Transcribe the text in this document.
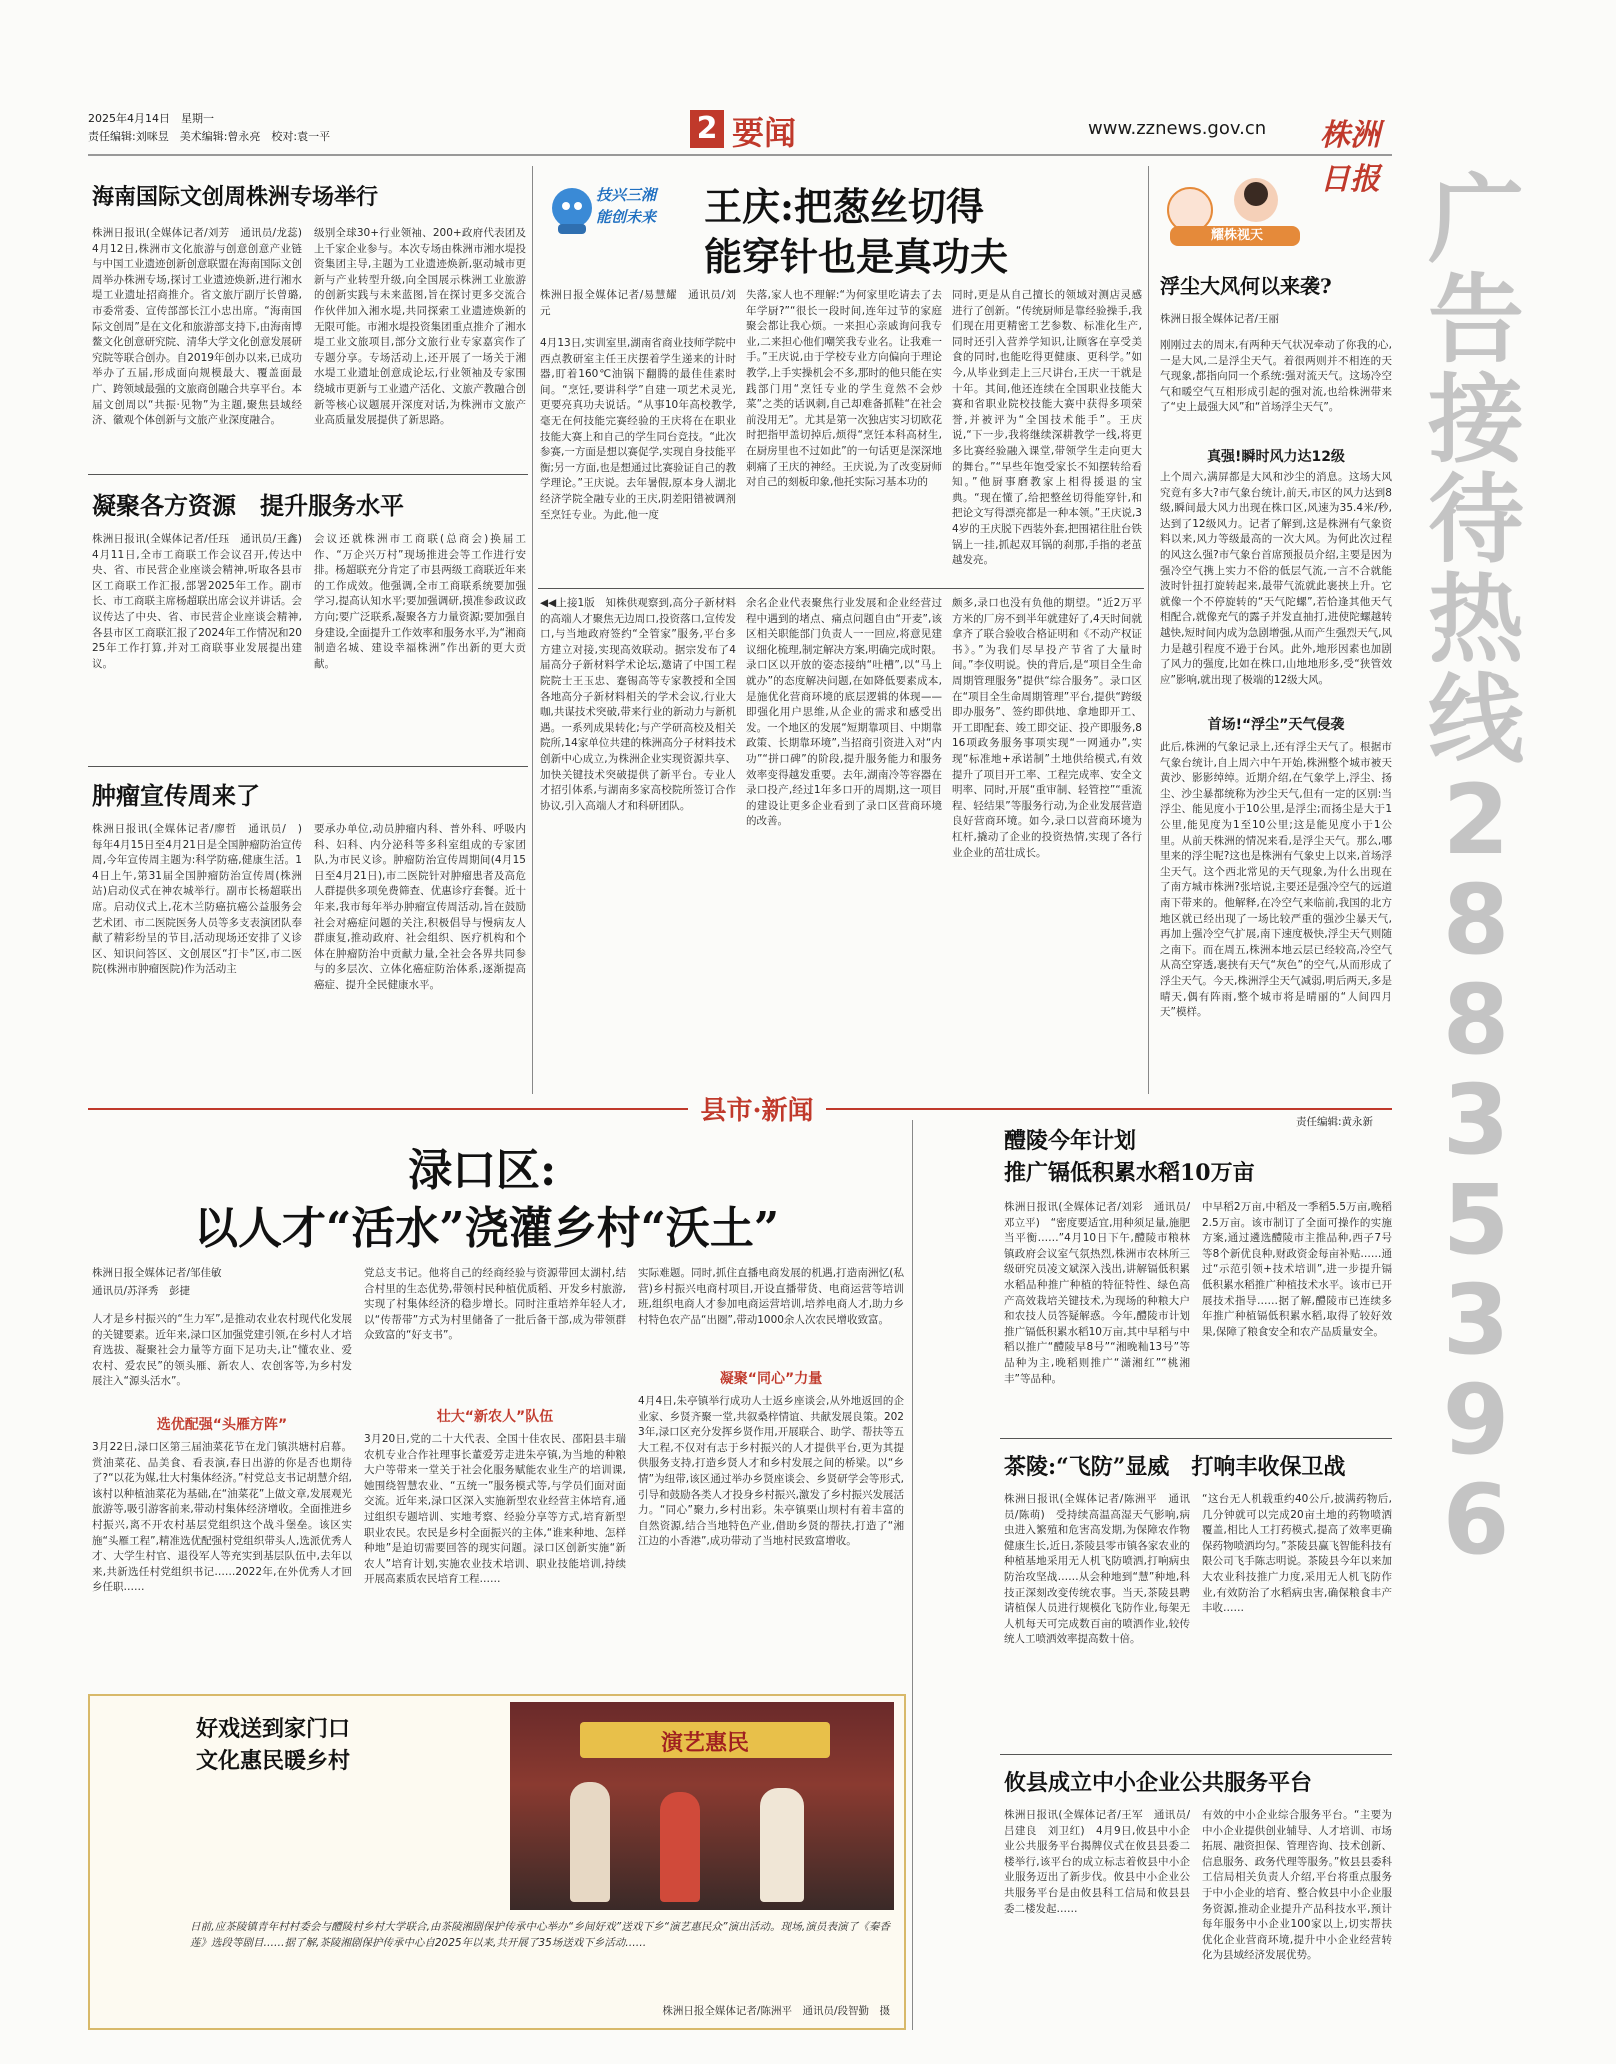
2025年4月14日　星期一
责任编辑:刘咪昱　美术编辑:曾永亮　校对:袁一平	2 要闻	www.zznews.gov.cn 株洲日报
海南国际文创周株洲专场举行
株洲日报讯(全媒体记者/刘芳　通讯员/龙蕊)　4月12日,株洲市文化旅游与创意创意产业链与中国工业遗迹创新创意联盟在海南国际文创周举办株洲专场,探讨工业遗迹焕新,进行湘水堤工业遗址招商推介。省文旅厅副厅长曾璐,市委常委、宣传部部长江小忠出席。“海南国际文创周”是在文化和旅游部支持下,由海南博鳌文化创意研究院、清华大学文化创意发展研究院等联合创办。自2019年创办以来,已成功举办了五届,形成面向规模最大、覆盖面最广、跨领域最强的文旅商创融合共享平台。本届文创周以“共振·见物”为主题,聚焦县域经济、徽观个体创新与文旅产业深度融合。
级别全球30+行业领袖、200+政府代表团及上千家企业参与。本次专场由株洲市湘水堤投资集团主导,主题为工业遗迹焕新,驱动城市更新与产业转型升级,向全国展示株洲工业旅游的创新实践与未来蓝图,旨在探讨更多交流合作伙伴加入湘水堤,共同探索工业遗迹焕新的无限可能。市湘水堤投资集团重点推介了湘水堤工业文旅项目,部分文旅行业专家嘉宾作了专题分享。专场活动上,还开展了一场关于湘水堤工业遗址创意成论坛,行业领袖及专家围绕城市更新与工业遗产活化、文旅产教融合创新等核心议题展开深度对话,为株洲市文旅产业高质量发展提供了新思路。
凝聚各方资源　提升服务水平
株洲日报讯(全媒体记者/任珏　通讯员/王鑫)　4月11日,全市工商联工作会议召开,传达中央、省、市民营企业座谈会精神,听取各县市区工商联工作汇报,部署2025年工作。副市长、市工商联主席杨超联出席会议并讲话。会议传达了中央、省、市民营企业座谈会精神,各县市区工商联汇报了2024年工作情况和2025年工作打算,并对工商联事业发展提出建议。
会议还就株洲市工商联(总商会)换届工作、“万企兴万村”现场推进会等工作进行安排。杨超联充分肯定了市县两级工商联近年来的工作成效。他强调,全市工商联系统要加强学习,提高认知水平;要加强调研,摸准参政议政方向;要广泛联系,凝聚各方力量资源;要加强自身建设,全面提升工作效率和服务水平,为“湘商制造名城、建设幸福株洲”作出新的更大贡献。
肿瘤宣传周来了
株洲日报讯(全媒体记者/廖哲　通讯员/　)　每年4月15日至4月21日是全国肿瘤防治宣传周,今年宣传周主题为:科学防癌,健康生活。14日上午,第31届全国肿瘤防治宣传周(株洲站)启动仪式在神农城举行。副市长杨超联出席。启动仪式上,花木兰防癌抗癌公益服务会艺术团、市二医院医务人员等多支表演团队奉献了精彩纷呈的节目,活动现场还安排了义诊区、知识问答区、文创展区“打卡”区,市二医院(株洲市肿瘤医院)作为活动主
要承办单位,动员肿瘤内科、普外科、呼吸内科、妇科、内分泌科等多科室组成的专家团队,为市民义诊。肿瘤防治宣传周期间(4月15日至4月21日),市二医院针对肿瘤患者及高危人群提供多项免费筛查、优惠诊疗套餐。近十年来,我市每年举办肿瘤宣传周活动,旨在鼓励社会对癌症问题的关注,积极倡导与慢病友人群康复,推动政府、社会组织、医疗机构和个体在肿瘤防治中贡献力量,全社会各界共同参与的多层次、立体化癌症防治体系,逐渐提高癌症、提升全民健康水平。
技兴三湘 能创未来 王庆:把葱丝切得
能穿针也是真功夫
株洲日报全媒体记者/易慧耀　通讯员/刘元
4月13日,实训室里,湖南省商业技师学院中西点教研室主任王庆摆着学生递来的计时器,盯着160℃油锅下翻腾的最佳佳素时间。“烹饪,要讲科学”自建一项艺术灵光,更要亮真功夫说话。“从事10年高校教学,毫无在何技能完赛经验的王庆将在在职业技能大赛上和自己的学生同台竞技。“此次参赛,一方面是想以赛促学,实现自身技能平衡;另一方面,也是想通过比赛验证自己的教学理论。”王庆说。去年暑假,原本身人湖北经济学院全融专业的王庆,阴差阳错被调剂至烹饪专业。为此,他一度
失落,家人也不理解:“为何家里吃请去了去年学厨?”“很长一段时间,连年过节的家庭聚会都让我心烦。一来担心亲戚询问我专业,二来担心他们嘲笑我专业名。让我难一手。”王庆说,由于学校专业方向偏向于理论教学,上手实操机会不多,那时的他只能在实践部门用“烹饪专业的学生竟然不会炒菜”之类的话讽刺,自己却难备抓鞋“在社会前没用无”。尤其是第一次独店实习切欧花时把指甲盖切掉后,烦得“烹饪本科高材生,在厨房里也不过如此”的一句话更是深深地刺痛了王庆的神经。王庆说,为了改变厨师对自己的刻板印象,他托实际习基本功的
同时,更是从自己擅长的领域对测店灵感进行了创新。“传统厨师是靠经验操手,我们现在用更精密工艺参数、标准化生产,同时还引入营养学知识,让顾客在享受美食的同时,也能吃得更健康、更科学。”如今,从毕业到走上三尺讲台,王庆一干就是十年。其间,他还连续在全国职业技能大赛和省职业院校技能大赛中获得多项荣誉,并被评为“全国技术能手”。王庆说,“下一步,我将继续深耕教学一线,将更多比赛经验融入课堂,带领学生走向更大的舞台。”“早些年饱受家长不知摆转给看知。”他厨事磨教家上相得援退的宝典。“现在懂了,给把整丝切得能穿针,和把论文写得漂亮都是一种本领。”王庆说,34岁的王庆脱下西装外套,把围裙往肚台铁锅上一挂,抓起双耳锅的刹那,手指的老茧越发亮。
◀◀上接1版　知株供观察到,高分子新材料的高端人才聚焦无边周口,投资落口,宣传发口,与当地政府签约“全管家”服务,平台多方建立对接,实现高效联动。据宗发布了4届高分子新材料学术论坛,邀请了中国工程院院士王玉忠、蹇锡高等专家教授和全国各地高分子新材料相关的学术会议,行业大咖,共谋技术突破,带来行业的新动力与新机遇。一系列成果转化;与产学研高校及相关院所,14家单位共建的株洲高分子材料技术创新中心成立,为株洲企业实现资源共享、加快关键技术突破提供了新平台。专业人才招引体系,与湖南多家高校院所签订合作协议,引入高端人才和科研团队。
余名企业代表聚焦行业发展和企业经营过程中遇到的堵点、痛点问题自由“开麦”,该区相关职能部门负责人一一回应,将意见建议细化梳理,制定解决方案,明确完成时限。录口区以开放的姿态接纳“吐槽”,以“马上就办”的态度解决问题,在如降低要素成本,是施优化营商环境的底层逻辑的体现——即强化用户思维,从企业的需求和感受出发。一个地区的发展“短期靠项目、中期靠政策、长期靠环境”,当招商引资进入对“内功”“拼口碑”的阶段,提升服务能力和服务效率变得越发重要。去年,湖南冷等容器在录口投产,经过1年多口开的周期,这一项目的建设让更多企业看到了录口区营商环境的改善。
颇多,录口也没有负他的期望。“近2万平方米的厂房不到半年就建好了,4天时间就拿齐了联合验收合格证明和《不动产权证书》。”为我们尽早投产节省了大量时间。”李仪明说。快的背后,是“项目全生命周期管理服务”提供“综合服务”。录口区在“项目全生命周期管理”平台,提供“跨级即办服务”、签约即供地、拿地即开工、开工即配套、竣工即交证、投产即服务,816项政务服务事项实现“一网通办”,实现“标准地+承诺制”土地供给模式,有效提升了项目开工率、工程完成率、安全文明率、同时,开展“重审制、轻管控”“重流程、轻结果”等服务行动,为企业发展营造良好营商环境。如今,录口以营商环境为杠杆,撬动了企业的投资热情,实现了各行业企业的茁壮成长。
耀株视天
浮尘大风何以来袭?
株洲日报全媒体记者/王丽
刚刚过去的周末,有两种天气状况牵动了你我的心,一是大风,二是浮尘天气。着很两则并不相连的天气现象,都指向同一个系统:强对流天气。这场冷空气和暖空气互相形成引起的强对流,也给株洲带来了“史上最强大风”和“首场浮尘天气”。
真强!瞬时风力达12级
上个周六,满屏都是大风和沙尘的消息。这场大风究竟有多大?市气象台统计,前天,市区的风力达到8级,瞬间最大风力出现在株口区,风速为35.4米/秒,达到了12级风力。记者了解到,这是株洲有气象资料以来,风力等级最高的一次大风。为何此次过程的风这么强?市气象台首席预报员介绍,主要是因为强冷空气携上实力不俗的低层气流,一言不合就能波时针扭打旋转起来,最带气流就此裹挟上升。它就像一个不停旋转的“天气陀螺”,若恰逢其他天气相配合,就像充气的露子并发直抽打,进使陀螺越转越快,短时间内成为急剧增强,从而产生强烈天气,风力是越引程度不逊于台风。此外,地形因素也加剧了风力的强度,比如在株口,山地地形多,受“狭管效应”影响,就出现了极端的12级大风。
首场!“浮尘”天气侵袭
此后,株洲的气象记录上,还有浮尘天气了。根据市气象台统计,自上周六中午开始,株洲整个城市被天黄沙、影影绰绰。近期介绍,在气象学上,浮尘、扬尘、沙尘暴都统称为沙尘天气,但有一定的区别:当浮尘、能见度小于10公里,是浮尘;而扬尘是大于1公里,能见度为1至10公里;这是能见度小于1公里。从前天株洲的情况来看,是浮尘天气。那么,哪里来的浮尘呢?这也是株洲有气象史上以来,首场浮尘天气。这个西北常见的天气现象,为什么出现在了南方城市株洲?张培说,主要还是强冷空气的远道南下带来的。他解释,在冷空气来临前,我国的北方地区就已经出现了一场比较严重的强沙尘暴天气,再加上强冷空气扩展,南下速度极快,浮尘天气则随之南下。而在周五,株洲本地云层已经较高,冷空气从高空穿透,裹挟有天气“灰色”的空气,从而形成了浮尘天气。今天,株洲浮尘天气减弱,明后两天,多是晴天,偶有阵雨,整个城市将是晴丽的“人间四月天”模样。
广告接待热线28835396
县市·新闻	责任编辑:黄永新
渌口区:
以人才“活水”浇灌乡村“沃土”
株洲日报全媒体记者/邹佳敏
通讯员/苏泽秀　彭捷
人才是乡村振兴的“生力军”,是推动农业农村现代化发展的关键要素。近年来,渌口区加强党建引领,在乡村人才培育选拔、凝聚社会力量等方面下足功夫,让“懂农业、爱农村、爱农民”的领头雁、新农人、农创客等,为乡村发展注入“源头活水”。
选优配强“头雁方阵”
3月22日,渌口区第三届油菜花节在龙门镇洪塘村启幕。赏油菜花、品美食、看表演,春日出游的你是否也期待了?“以花为媒,壮大村集体经济。”村党总支书记胡慧介绍,该村以种植油菜花为基础,在“油菜花”上做文章,发展观光旅游等,吸引游客前来,带动村集体经济增收。全面推进乡村振兴,离不开农村基层党组织这个战斗堡垒。该区实施“头雁工程”,精准选优配强村党组织带头人,选派优秀人才、大学生村官、退役军人等充实到基层队伍中,去年以来,共新选任村党组织书记……2022年,在外优秀人才回乡任职……
党总支书记。他将自己的经商经验与资源带回太湖村,结合村里的生态优势,带领村民种植优质稻、开发乡村旅游,实现了村集体经济的稳步增长。同时注重培养年轻人才,以“传帮带”方式为村里储备了一批后备干部,成为带领群众致富的“好支书”。
壮大“新农人”队伍
3月20日,党的二十大代表、全国十佳农民、邵阳县丰瑞农机专业合作社理事长董爱芳走进朱亭镇,为当地的种粮大户等带来一堂关于社会化服务赋能农业生产的培训课,她围绕智慧农业、“五统一”服务模式等,与学员们面对面交流。近年来,渌口区深入实施新型农业经营主体培育,通过组织专题培训、实地考察、经验分享等方式,培育新型职业农民。农民是乡村全面振兴的主体,“谁来种地、怎样种地”是迫切需要回答的现实问题。渌口区创新实施“新农人”培育计划,实施农业技术培训、职业技能培训,持续开展高素质农民培育工程……
实际难题。同时,抓住直播电商发展的机遇,打造南洲忆(私营)乡村振兴电商村项目,开设直播带货、电商运营等培训班,组织电商人才参加电商运营培训,培养电商人才,助力乡村特色农产品“出圈”,带动1000余人次农民增收致富。
凝聚“同心”力量
4月4日,朱亭镇举行成功人士返乡座谈会,从外地返回的企业家、乡贤齐聚一堂,共叙桑梓情谊、共献发展良策。2023年,渌口区充分发挥乡贤作用,开展联合、助学、帮扶等五大工程,不仅对有志于乡村振兴的人才提供平台,更为其提供服务支持,打造乡贤人才和乡村发展之间的桥梁。以“乡情”为纽带,该区通过举办乡贤座谈会、乡贤研学会等形式,引导和鼓励各类人才投身乡村振兴,激发了乡村振兴发展活力。“同心”聚力,乡村出彩。朱亭镇栗山坝村有着丰富的自然资源,结合当地特色产业,借助乡贤的帮扶,打造了“湘江边的小香港”,成功带动了当地村民致富增收。
好戏送到家门口
文化惠民暖乡村
演艺惠民
日前,应茶陵镇青年村村委会与醴陵村乡村大学联合,由茶陵湘剧保护传承中心举办“乡间好戏”送戏下乡“演艺惠民众”演出活动。现场,演员表演了《秦香莲》选段等剧目……据了解,茶陵湘剧保护传承中心自2025年以来,共开展了35场送戏下乡活动……
株洲日报全媒体记者/陈洲平　通讯员/段智勤　摄
醴陵今年计划
推广镉低积累水稻10万亩
株洲日报讯(全媒体记者/刘彩　通讯员/邓立平)　“密度要适宜,用种须足量,施肥当平衡……”4月10日下午,醴陵市粮林镇政府会议室气氛热烈,株洲市农林所三级研究员凌文斌深入浅出,讲解镉低积累水稻品种推广种植的特征特性、绿色高产高效栽培关键技术,为现场的种粮大户和农技人员答疑解惑。今年,醴陵市计划推广镉低积累水稻10万亩,其中早稻与中稻以推广“醴陵早8号”“湘晚籼13号”等品种为主,晚稻则推广“潇湘红”“桃湘丰”等品种。
中早稻2万亩,中稻及一季稻5.5万亩,晚稻2.5万亩。该市制订了全面可操作的实施方案,通过遴选醴陵市主推品种,西子7号等8个新优良种,财政资金每亩补贴……通过“示范引领+技术培训”,进一步提升镉低积累水稻推广种植技术水平。该市已开展技术指导……据了解,醴陵市已连续多年推广种植镉低积累水稻,取得了较好效果,保障了粮食安全和农产品质量安全。
茶陵:“飞防”显威　打响丰收保卫战
株洲日报讯(全媒体记者/陈洲平　通讯员/陈萌)　受持续高温高湿天气影响,病虫进入繁殖和危害高发期,为保障农作物健康生长,近日,茶陵县零市镇各家农业的种植基地采用无人机飞防喷洒,打响病虫防治攻坚战……从会种地到“慧”种地,科技正深刻改变传统农事。当天,茶陵县聘请植保人员进行规模化飞防作业,每架无人机每天可完成数百亩的喷洒作业,较传统人工喷洒效率提高数十倍。
“这台无人机载重约40公斤,披满药物后,几分钟就可以完成20亩土地的药物喷洒覆盖,相比人工打药模式,提高了效率更确保药物喷洒均匀。”茶陵县赢飞智能科技有限公司飞手陈志明说。茶陵县今年以来加大农业科技推广力度,采用无人机飞防作业,有效防治了水稻病虫害,确保粮食丰产丰收……
攸县成立中小企业公共服务平台
株洲日报讯(全媒体记者/王军　通讯员/吕建良　刘卫红)　4月9日,攸县中小企业公共服务平台揭牌仪式在攸县县委二楼举行,该平台的成立标志着攸县中小企业服务迈出了新步伐。攸县中小企业公共服务平台是由攸县科工信局和攸县县委二楼发起……
有效的中小企业综合服务平台。“主要为中小企业提供创业辅导、人才培训、市场拓展、融资担保、管理咨询、技术创新、信息服务、政务代理等服务。”攸县县委科工信局相关负责人介绍,平台将重点服务于中小企业的培育、整合攸县中小企业服务资源,推动企业提升产品科技水平,预计每年服务中小企业100家以上,切实帮扶优化企业营商环境,提升中小企业经营转化为县域经济发展优势。
